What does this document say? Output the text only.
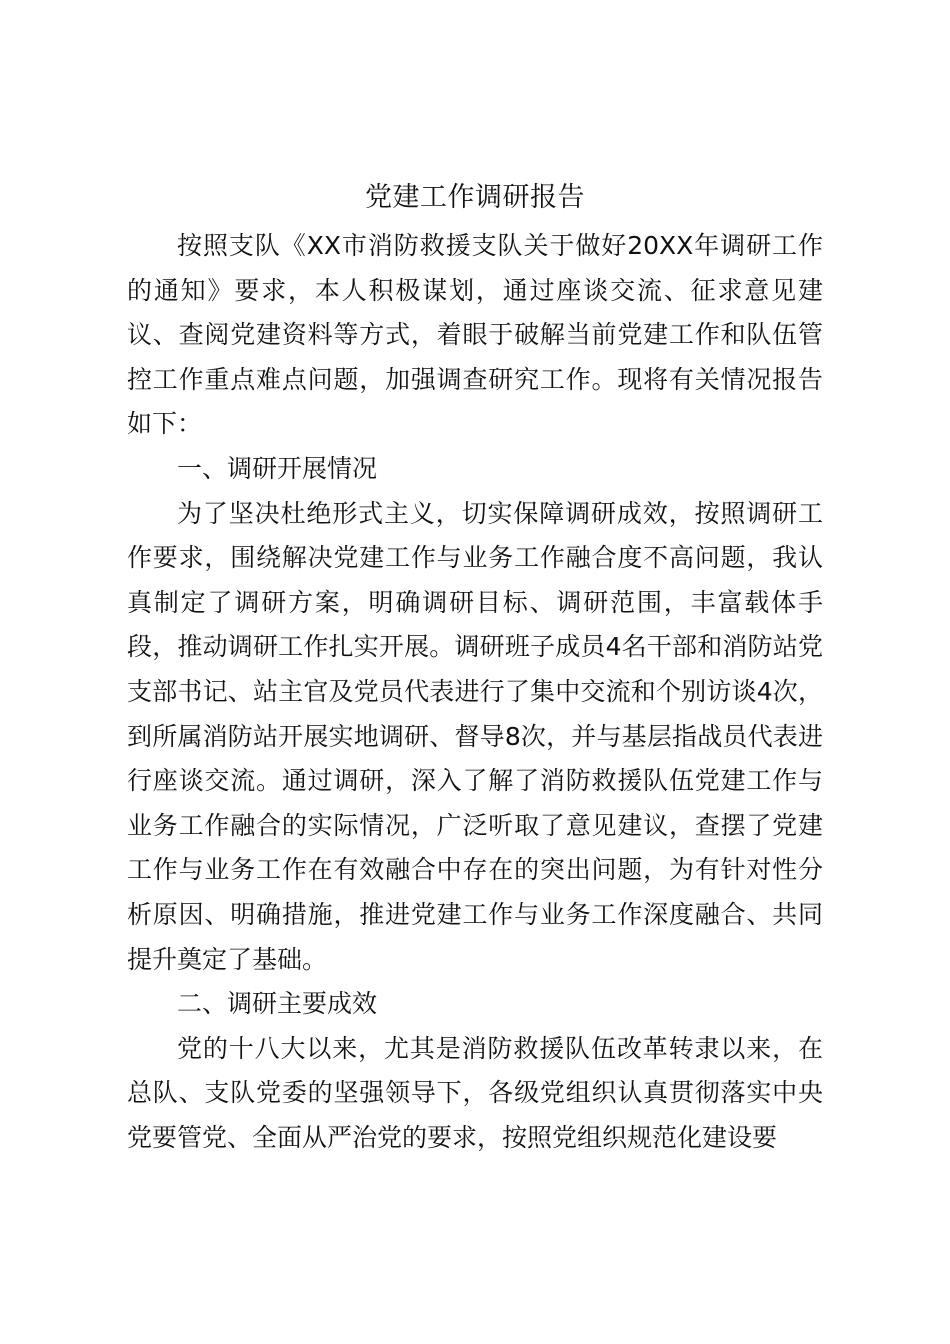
党建工作调研报告

按照支队《XX市消防救援支队关于做好20XX年调研工作的通知》要求，本人积极谋划，通过座谈交流、征求意见建议、查阅党建资料等方式，着眼于破解当前党建工作和队伍管控工作重点难点问题，加强调查研究工作。现将有关情况报告如下：

一、调研开展情况

为了坚决杜绝形式主义，切实保障调研成效，按照调研工作要求，围绕解决党建工作与业务工作融合度不高问题，我认真制定了调研方案，明确调研目标、调研范围，丰富载体手段，推动调研工作扎实开展。调研班子成员4名干部和消防站党支部书记、站主官及党员代表进行了集中交流和个别访谈4次，到所属消防站开展实地调研、督导8次，并与基层指战员代表进行座谈交流。通过调研，深入了解了消防救援队伍党建工作与业务工作融合的实际情况，广泛听取了意见建议，查摆了党建工作与业务工作在有效融合中存在的突出问题，为有针对性分析原因、明确措施，推进党建工作与业务工作深度融合、共同提升奠定了基础。

二、调研主要成效

党的十八大以来，尤其是消防救援队伍改革转隶以来，在总队、支队党委的坚强领导下，各级党组织认真贯彻落实中央党要管党、全面从严治党的要求，按照党组织规范化建设要
